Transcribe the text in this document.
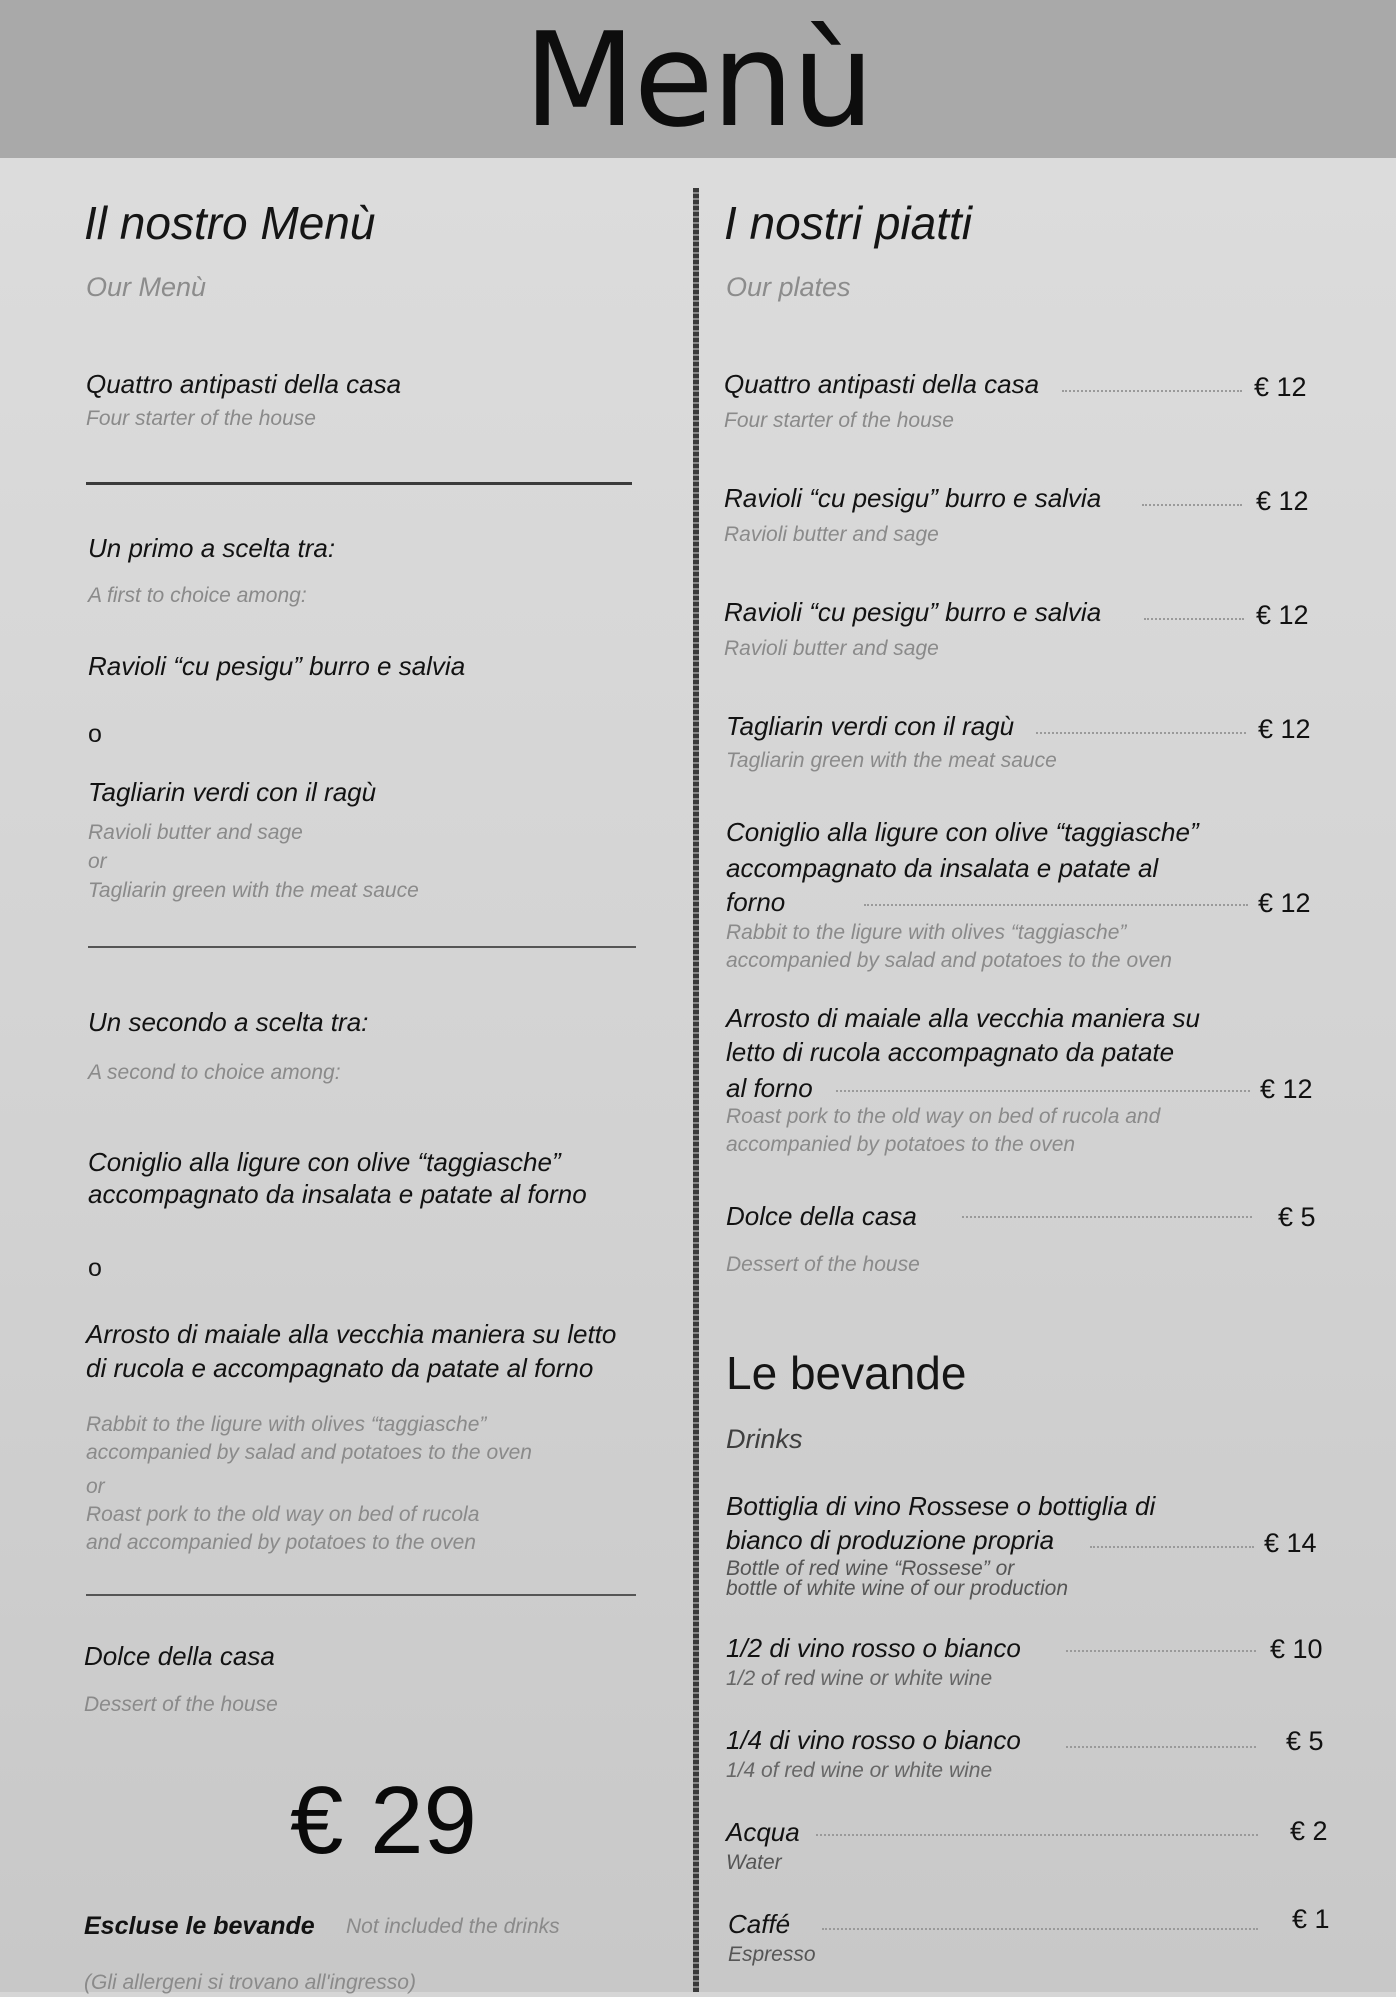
Menù
Il nostro Menù
Our Menù
Quattro antipasti della casa
Four starter of the house
Un primo a scelta tra:
A first to choice among:
Ravioli “cu pesigu” burro e salvia
o
Tagliarin verdi con il ragù
Ravioli butter and sage
or
Tagliarin green with the meat sauce
Un secondo a scelta tra:
A second to choice among:
Coniglio alla ligure con olive “taggiasche”
accompagnato da insalata e patate al forno
o
Arrosto di maiale alla vecchia maniera su letto
di rucola e accompagnato da patate al forno
Rabbit to the ligure with olives “taggiasche”
accompanied by salad and potatoes to the oven
or
Roast pork to the old way on bed of rucola
and accompanied by potatoes to the oven
Dolce della casa
Dessert of the house
€ 29
Escluse le bevande Not included the drinks
(Gli allergeni si trovano all'ingresso)
I nostri piatti
Our plates
Quattro antipasti della casa	€ 12
Four starter of the house
Ravioli “cu pesigu” burro e salvia	€ 12
Ravioli butter and sage
Ravioli “cu pesigu” burro e salvia	€ 12
Ravioli butter and sage
Tagliarin verdi con il ragù	€ 12
Tagliarin green with the meat sauce
Coniglio alla ligure con olive “taggiasche”
accompagnato da insalata e patate al
forno	€ 12
Rabbit to the ligure with olives “taggiasche”
accompanied by salad and potatoes to the oven
Arrosto di maiale alla vecchia maniera su
letto di rucola accompagnato da patate
al forno	€ 12
Roast pork to the old way on bed of rucola and
accompanied by potatoes to the oven
Dolce della casa	€ 5
Dessert of the house
Le bevande
Drinks
Bottiglia di vino Rossese o bottiglia di
bianco di produzione propria	€ 14
Bottle of red wine “Rossese” or
bottle of white wine of our production
1/2 di vino rosso o bianco	€ 10
1/2 of red wine or white wine
1/4 di vino rosso o bianco	€ 5
1/4 of red wine or white wine
Acqua	€ 2
Water
Caffé	€ 1
Espresso
